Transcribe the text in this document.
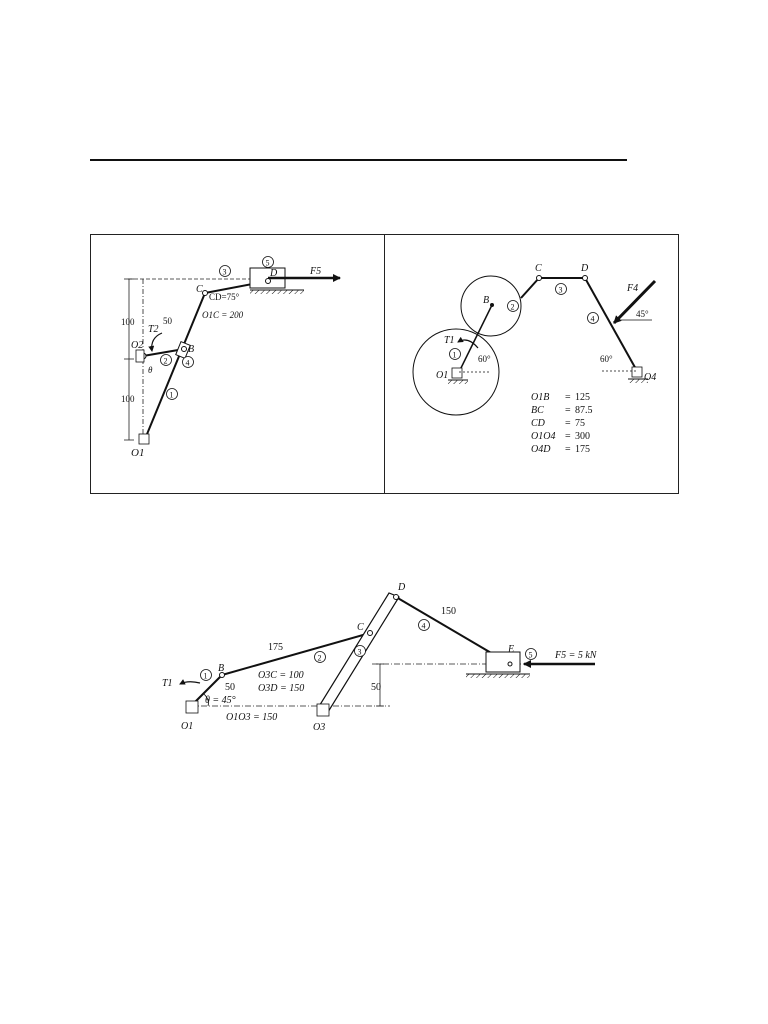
100
100
O1
O2	B
C
D
θ
T2
50
F5
CD=75°
O1C = 200
1
2
3
4
5
B
C	D
O1	O4
T1
F4
45°
60°	60°
1
2
3
4
O1B = 125
BC = 87.5
CD = 75
O1O4 = 300
O4D = 175
T1
B
C
D
E
O1	O3
175
150
50	50
θ = 45°
O3C = 100
O3D = 150
O1O3 = 150
F5 = 5 kN
1
2
3
4
5
